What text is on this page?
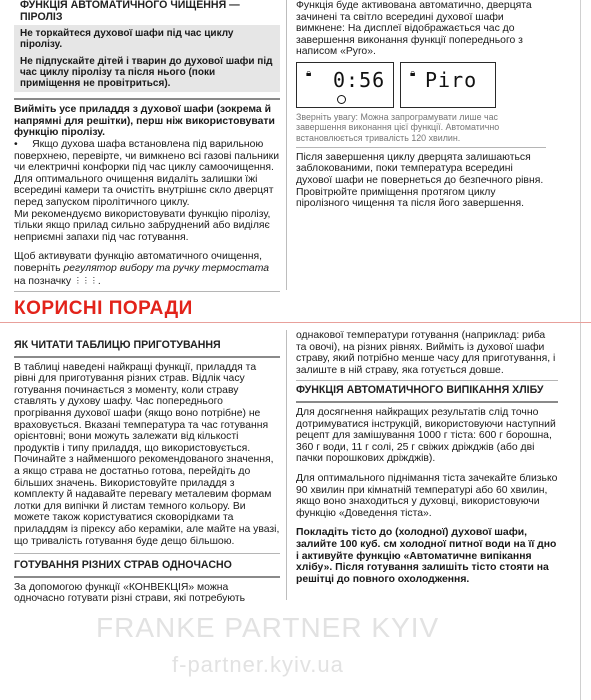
ФУНКЦІЯ АВТОМАТИЧНОГО ЧИЩЕННЯ — ПІРОЛІЗ

Не торкайтеся духової шафи під час циклу піролізу.

Не підпускайте дітей і тварин до духової шафи під час циклу піролізу та після нього (поки приміщення не провітриться).

Вийміть усе приладдя з духової шафи (зокрема й напрямні для решітки), перш ніж використовувати функцію піролізу.

•     Якщо духова шафа встановлена під варильною поверхнею, перевірте, чи вимкнено всі газові пальники чи електричні конфорки під час циклу самоочищення.

Для оптимального очищення видаліть залишки їжі всередині камери та очистіть внутрішнє скло дверцят перед запуском піролітичного циклу.

Ми рекомендуємо використовувати функцію піролізу, тільки якщо прилад сильно забруднений або виділяє неприємні запахи під час готування.

Щоб активувати функцію автоматичного очищення, поверніть регулятор вибору та ручку термостата на позначку ⋮⋮⋮.

Функція буде активована автоматично, дверцята зачинені та світло всередині духової шафи вимкнене: На дисплеї відображається час до завершення виконання функції попереднього з написом «Pyro».

🔒︎ 0:56 🔒︎ Piro

Зверніть увагу: Можна запрограмувати лише час завершення виконання цієї функції. Автоматично встановлюється тривалість 120 хвилин.

Після завершення циклу дверцята залишаються заблокованими, поки температура всередині духової шафи не повернеться до безпечного рівня. Провітрюйте приміщення протягом циклу піролізного чищення та після його завершення.

КОРИСНІ ПОРАДИ
ЯК ЧИТАТИ ТАБЛИЦЮ ПРИГОТУВАННЯ

В таблиці наведені найкращі функції, приладдя та рівні для приготування різних страв. Відлік часу готування починається з моменту, коли страву ставлять у духову шафу. Час попереднього прогрівання духової шафи (якщо воно потрібне) не враховується. Вказані температура та час готування орієнтовні; вони можуть залежати від кількості продуктів і типу приладдя, що використовується. Починайте з найменшого рекомендованого значення, а якщо страва не достатньо готова, перейдіть до більших значень. Використовуйте приладдя з комплекту й надавайте перевагу металевим формам лотки для випічки й листам темного кольору. Ви можете також користуватися сковорідками та приладдям із пірексу або кераміки, але майте на увазі, що тривалість готування буде дещо більшою.

ГОТУВАННЯ РІЗНИХ СТРАВ ОДНОЧАСНО

За допомогою функції «КОНВЕКЦІЯ» можна одночасно готувати різні страви, які потребують

однакової температури готування (наприклад: риба та овочі), на різних рівнях. Вийміть із духової шафи страву, який потрібно менше часу для приготування, і залиште в ній страву, яка готується довше.

ФУНКЦІЯ АВТОМАТИЧНОГО ВИПІКАННЯ ХЛІБУ

Для досягнення найкращих результатів слід точно дотримуватися інструкцій, використовуючи наступний рецепт для замішування 1000 г тіста: 600 г борошна, 360 г води, 11 г солі, 25 г свіжих дріжджів (або дві пачки порошкових дріжджів).

Для оптимального піднімання тіста зачекайте близько 90 хвилин при кімнатній температурі або 60 хвилин, якщо воно знаходиться у духовці, використовуючи функцію «Доведення тіста».

Покладіть тісто до (холодної) духової шафи, залийте 100 куб. см холодної питної води на її дно і активуйте функцію «Автоматичне випікання хлібу». Після готування залишіть тісто стояти на решітці до повного охолодження.

FRANKE PARTNER KYIV
f-partner.kyiv.ua
